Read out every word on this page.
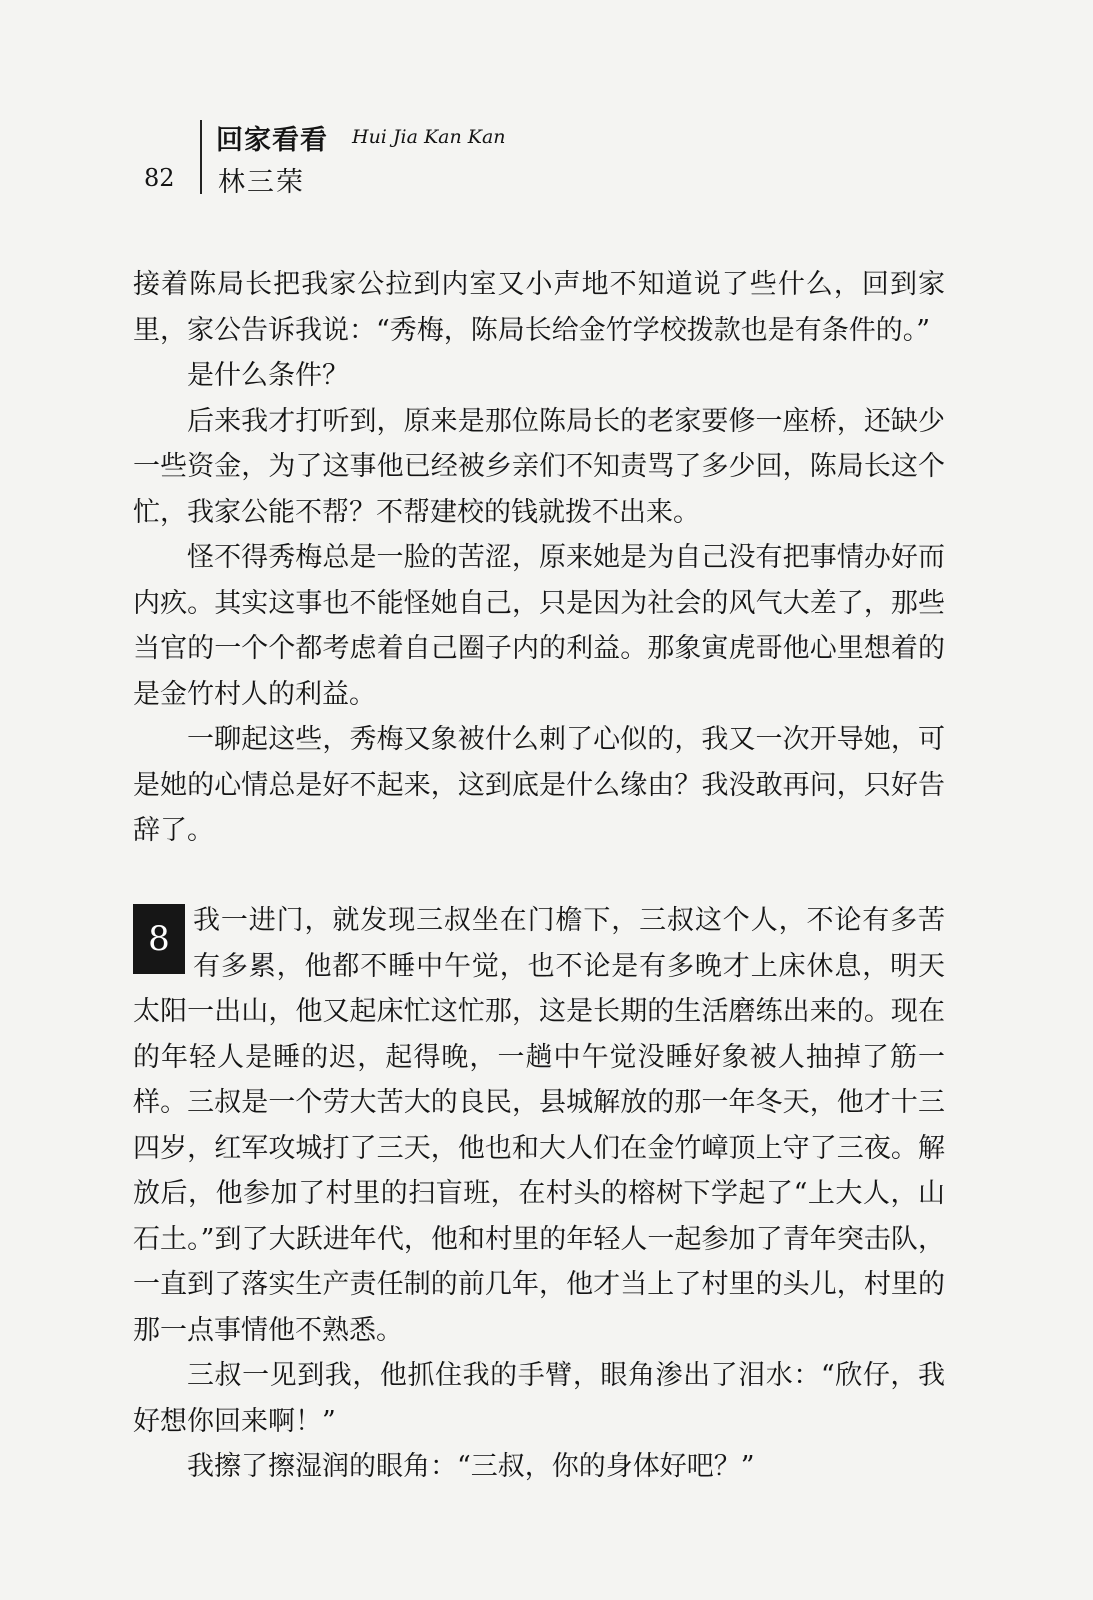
82
回家看看 Hui Jia Kan Kan
林三荣

接着陈局长把我家公拉到内室又小声地不知道说了些什么，回到家里，家公告诉我说：“秀梅，陈局长给金竹学校拨款也是有条件的。”

是什么条件？

后来我才打听到，原来是那位陈局长的老家要修一座桥，还缺少一些资金，为了这事他已经被乡亲们不知责骂了多少回，陈局长这个忙，我家公能不帮？不帮建校的钱就拨不出来。

怪不得秀梅总是一脸的苦涩，原来她是为自己没有把事情办好而内疚。其实这事也不能怪她自己，只是因为社会的风气大差了，那些当官的一个个都考虑着自己圈子内的利益。那象寅虎哥他心里想着的是金竹村人的利益。

一聊起这些，秀梅又象被什么刺了心似的，我又一次开导她，可是她的心情总是好不起来，这到底是什么缘由？我没敢再问，只好告辞了。

8 我一进门，就发现三叔坐在门檐下，三叔这个人，不论有多苦有多累，他都不睡中午觉，也不论是有多晚才上床休息，明天太阳一出山，他又起床忙这忙那，这是长期的生活磨练出来的。现在的年轻人是睡的迟，起得晚，一趟中午觉没睡好象被人抽掉了筋一样。三叔是一个劳大苦大的良民，县城解放的那一年冬天，他才十三四岁，红军攻城打了三天，他也和大人们在金竹嶂顶上守了三夜。解放后，他参加了村里的扫盲班，在村头的榕树下学起了“上大人，山石土。”到了大跃进年代，他和村里的年轻人一起参加了青年突击队，一直到了落实生产责任制的前几年，他才当上了村里的头儿，村里的那一点事情他不熟悉。

三叔一见到我，他抓住我的手臂，眼角渗出了泪水：“欣仔，我好想你回来啊！”

我擦了擦湿润的眼角：“三叔，你的身体好吧？”
